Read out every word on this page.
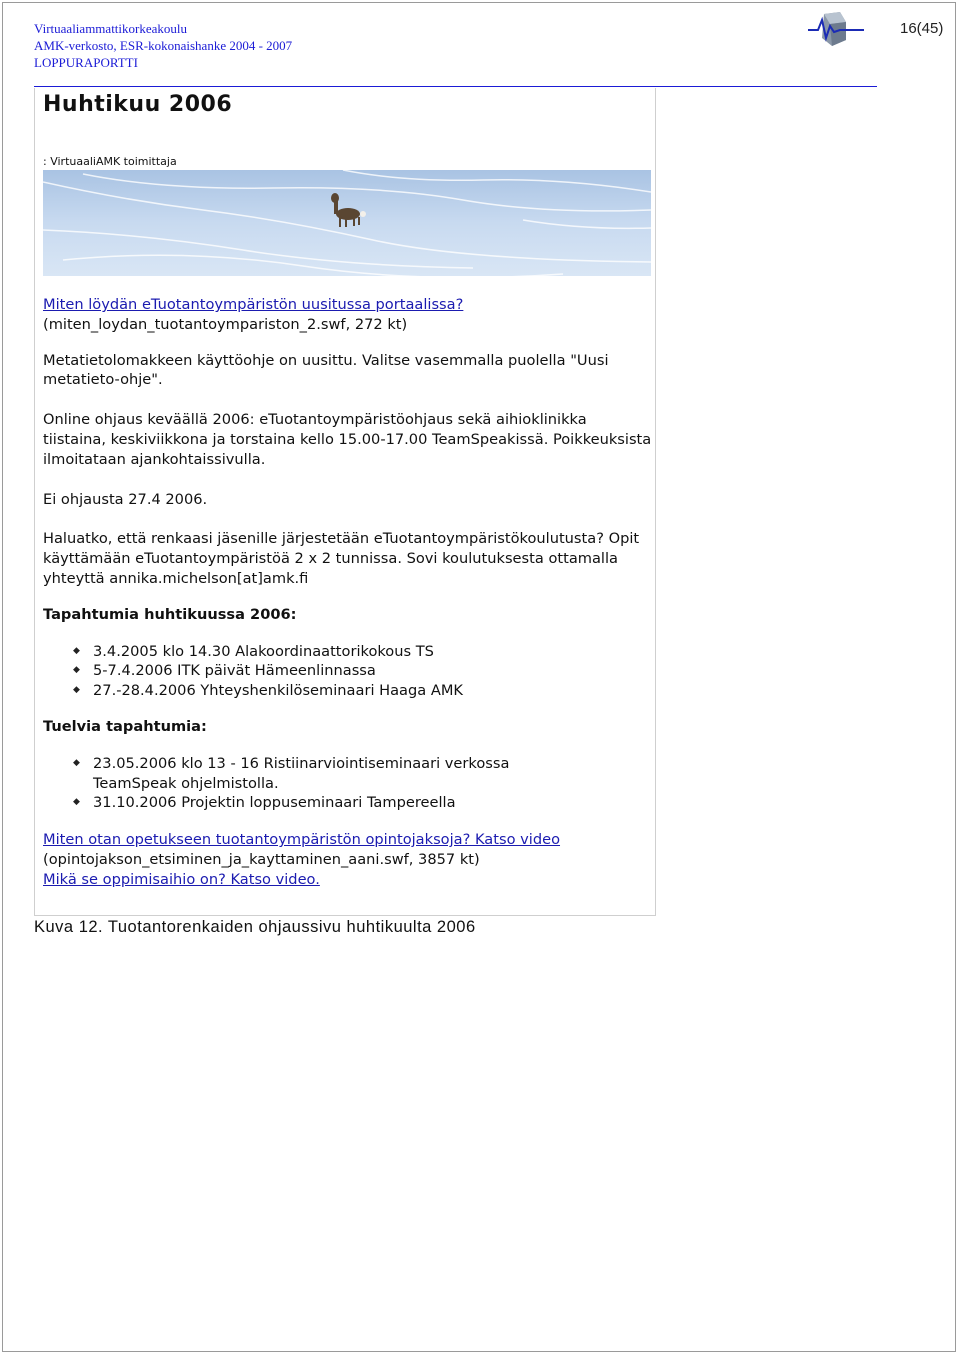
Virtuaaliammattikorkeakoulu
AMK-verkosto, ESR-kokonaishanke 2004 - 2007
LOPPURAPORTTI
16(45)
Huhtikuu 2006
: VirtuaaliAMK toimittaja

Miten löydän eTuotantoympäristön uusitussa portaalissa?
(miten_loydan_tuotantoympariston_2.swf, 272 kt)

Metatietolomakkeen käyttöohje on uusittu. Valitse vasemmalla puolella "Uusi metatieto-ohje".

Online ohjaus keväällä 2006: eTuotantoympäristöohjaus sekä aihioklinikka tiistaina, keskiviikkona ja torstaina kello 15.00-17.00 TeamSpeakissä. Poikkeuksista ilmoitataan ajankohtaissivulla.

Ei ohjausta 27.4 2006.

Haluatko, että renkaasi jäsenille järjestetään eTuotantoympäristökoulutusta? Opit käyttämään eTuotantoympäristöä 2 x 2 tunnissa. Sovi koulutuksesta ottamalla yhteyttä annika.michelson[at]amk.fi

Tapahtumia huhtikuussa 2006:

◆ 3.4.2005 klo 14.30 Alakoordinaattorikokous TS
◆ 5-7.4.2006 ITK päivät Hämeenlinnassa
◆ 27.-28.4.2006 Yhteyshenkilöseminaari Haaga AMK

Tuelvia tapahtumia:

◆ 23.05.2006 klo 13 - 16 Ristiinarviointiseminaari verkossa TeamSpeak ohjelmistolla.
◆ 31.10.2006 Projektin loppuseminaari Tampereella

Miten otan opetukseen tuotantoympäristön opintojaksoja? Katso video
(opintojakson_etsiminen_ja_kayttaminen_aani.swf, 3857 kt)
Mikä se oppimisaihio on? Katso video.

Kuva 12. Tuotantorenkaiden ohjaussivu huhtikuulta 2006
